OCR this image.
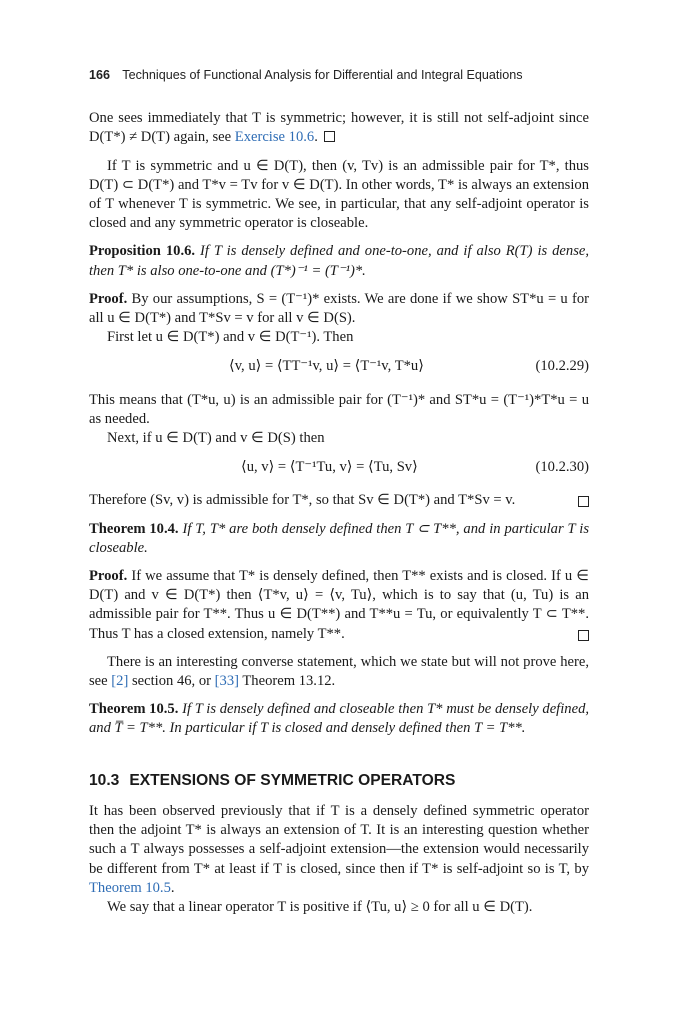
166 Techniques of Functional Analysis for Differential and Integral Equations

One sees immediately that T is symmetric; however, it is still not self-adjoint since D(T*) ≠ D(T) again, see Exercise 10.6.

If T is symmetric and u ∈ D(T), then (v, Tv) is an admissible pair for T*, thus D(T) ⊂ D(T*) and T*v = Tv for v ∈ D(T). In other words, T* is always an extension of T whenever T is symmetric. We see, in particular, that any self-adjoint operator is closed and any symmetric operator is closeable.

Proposition 10.6. If T is densely defined and one-to-one, and if also R(T) is dense, then T* is also one-to-one and (T*)⁻¹ = (T⁻¹)*.

Proof. By our assumptions, S = (T⁻¹)* exists. We are done if we show ST*u = u for all u ∈ D(T*) and T*Sv = v for all v ∈ D(S).

First let u ∈ D(T*) and v ∈ D(T⁻¹). Then

⟨v, u⟩ = ⟨TT⁻¹v, u⟩ = ⟨T⁻¹v, T*u⟩	(10.2.29)

This means that (T*u, u) is an admissible pair for (T⁻¹)* and ST*u = (T⁻¹)*T*u = u as needed.

Next, if u ∈ D(T) and v ∈ D(S) then

⟨u, v⟩ = ⟨T⁻¹Tu, v⟩ = ⟨Tu, Sv⟩	(10.2.30)

Therefore (Sv, v) is admissible for T*, so that Sv ∈ D(T*) and T*Sv = v.

Theorem 10.4. If T, T* are both densely defined then T ⊂ T**, and in particular T is closeable.

Proof. If we assume that T* is densely defined, then T** exists and is closed. If u ∈ D(T) and v ∈ D(T*) then ⟨T*v, u⟩ = ⟨v, Tu⟩, which is to say that (u, Tu) is an admissible pair for T**. Thus u ∈ D(T**) and T**u = Tu, or equivalently T ⊂ T**. Thus T has a closed extension, namely T**.

There is an interesting converse statement, which we state but will not prove here, see [2] section 46, or [33] Theorem 13.12.

Theorem 10.5. If T is densely defined and closeable then T* must be densely defined, and T̅ = T**. In particular if T is closed and densely defined then T = T**.

10.3 EXTENSIONS OF SYMMETRIC OPERATORS

It has been observed previously that if T is a densely defined symmetric operator then the adjoint T* is always an extension of T. It is an interesting question whether such a T always possesses a self-adjoint extension—the extension would necessarily be different from T* at least if T is closed, since then if T* is self-adjoint so is T, by Theorem 10.5.

We say that a linear operator T is positive if ⟨Tu, u⟩ ≥ 0 for all u ∈ D(T).
